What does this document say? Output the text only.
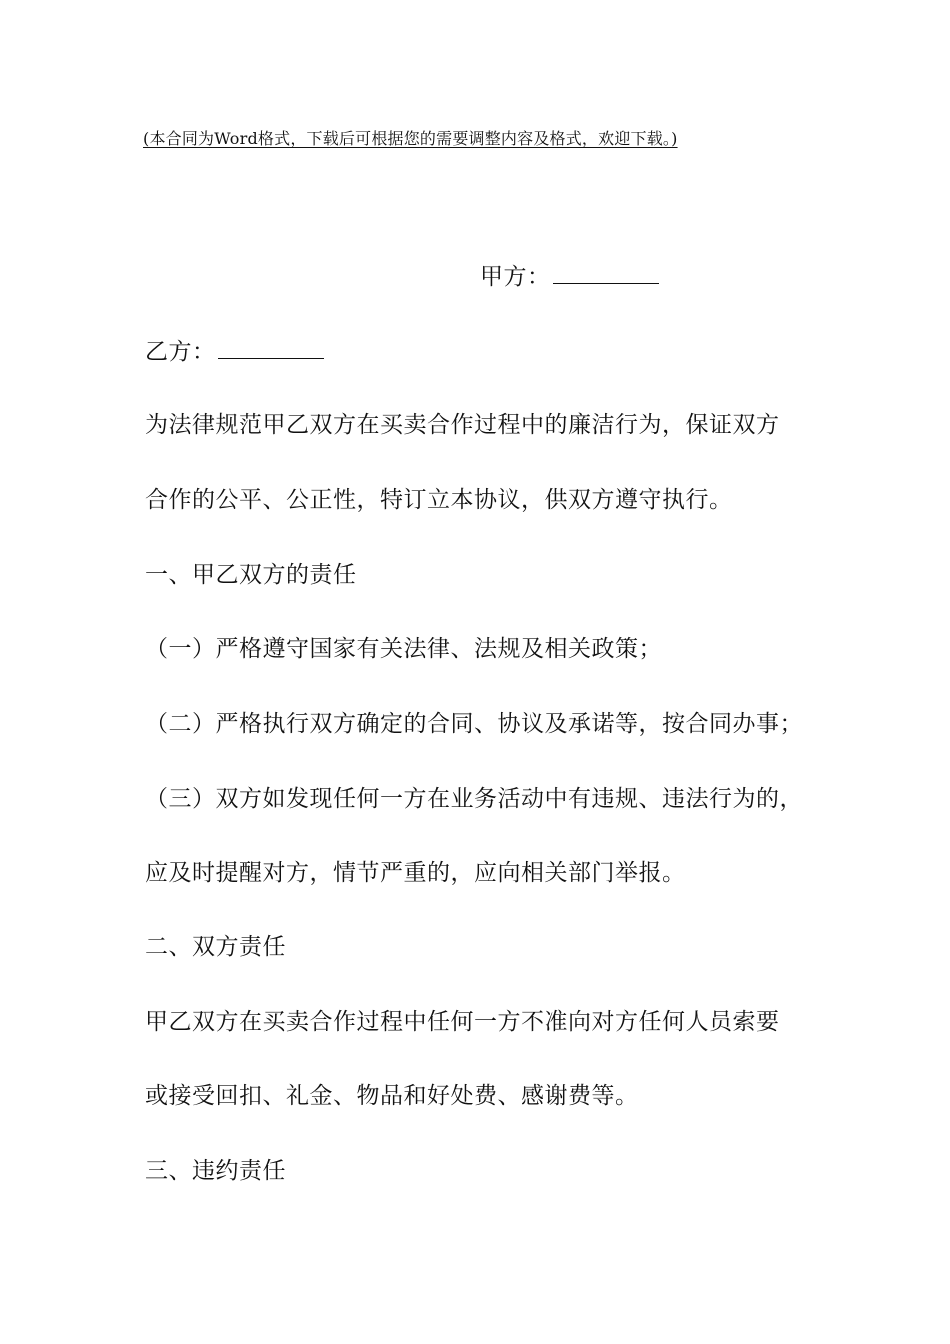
(本合同为Word格式，下载后可根据您的需要调整内容及格式，欢迎下载。)
甲方：
乙方：
为法律规范甲乙双方在买卖合作过程中的廉洁行为，保证双方
合作的公平、公正性，特订立本协议，供双方遵守执行。
一、甲乙双方的责任
（一）严格遵守国家有关法律、法规及相关政策；
（二）严格执行双方确定的合同、协议及承诺等，按合同办事；
（三）双方如发现任何一方在业务活动中有违规、违法行为的，
应及时提醒对方，情节严重的，应向相关部门举报。
二、双方责任
甲乙双方在买卖合作过程中任何一方不准向对方任何人员索要
或接受回扣、礼金、物品和好处费、感谢费等。
三、违约责任
